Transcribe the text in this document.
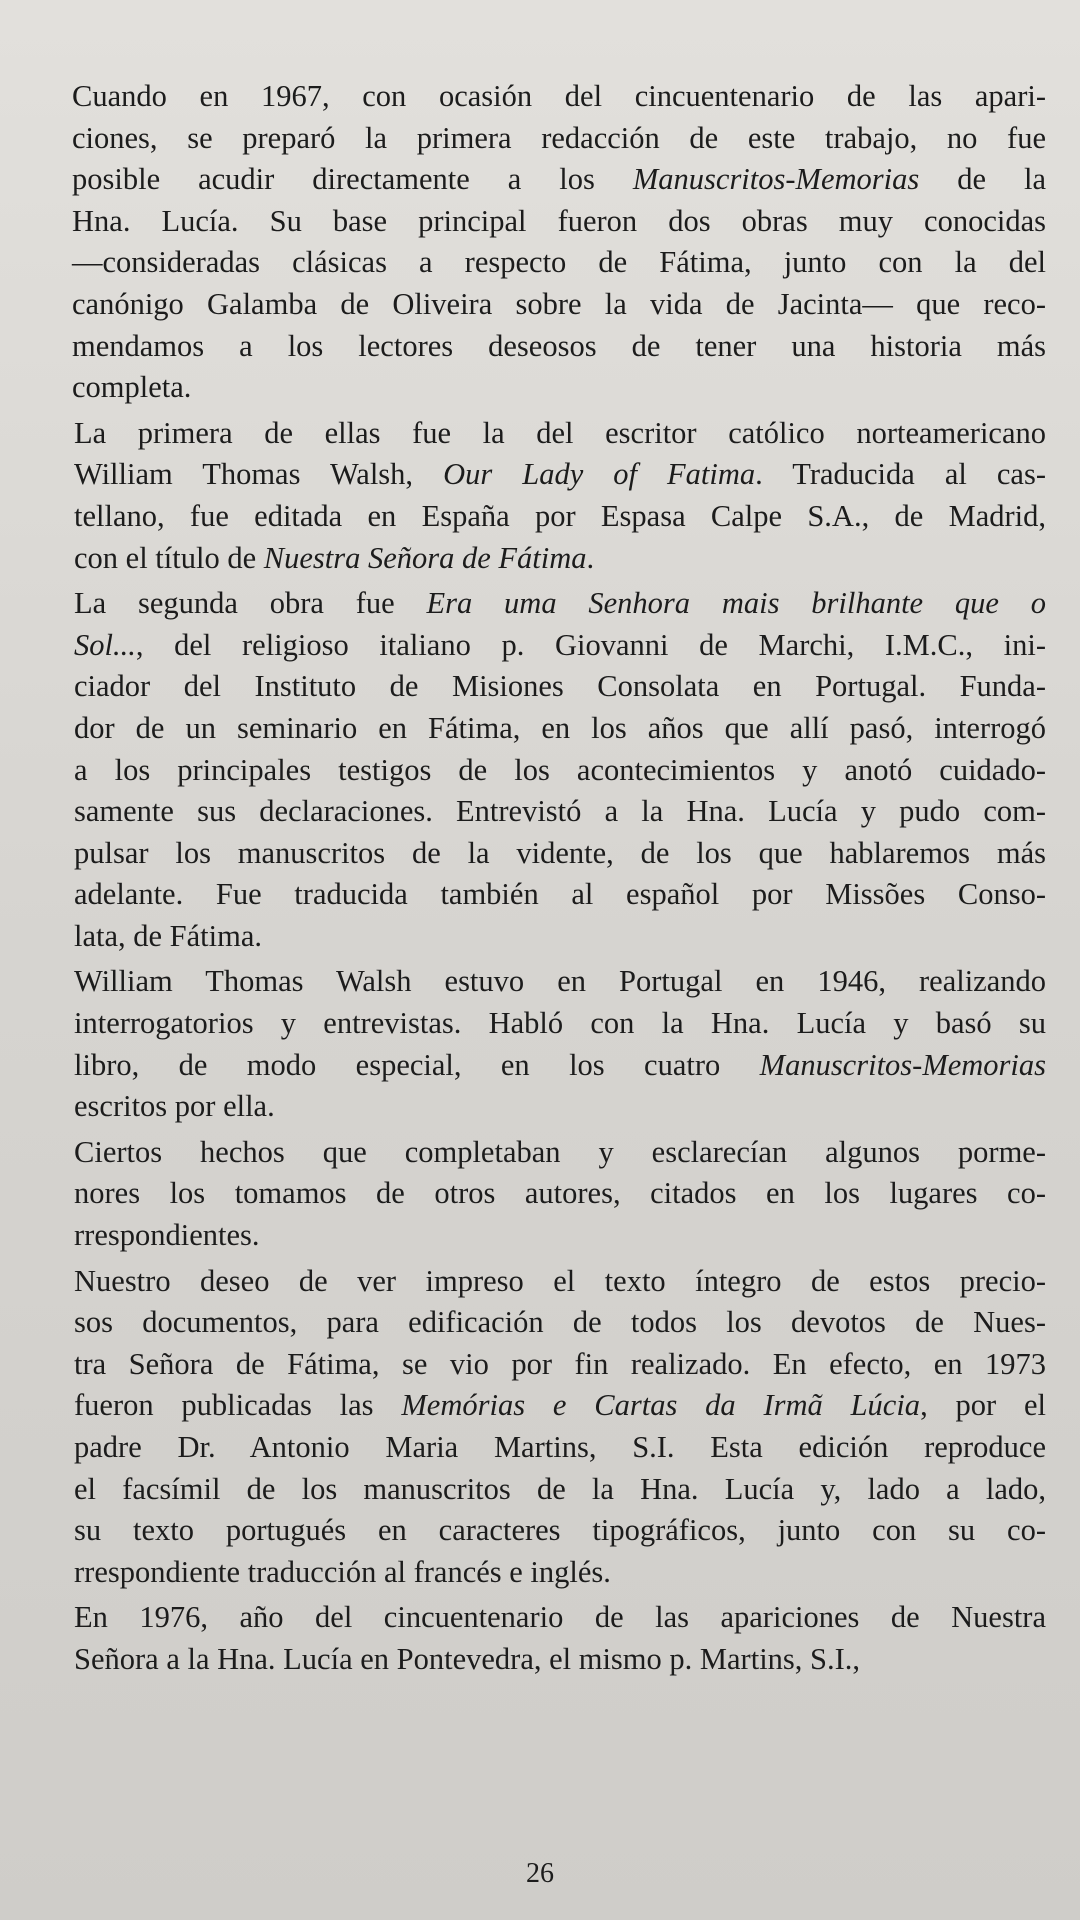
Cuando en 1967, con ocasión del cincuentenario de las apari-
ciones, se preparó la primera redacción de este trabajo, no fue
posible acudir directamente a los Manuscritos-Memorias de la
Hna. Lucía. Su base principal fueron dos obras muy conocidas
—consideradas clásicas a respecto de Fátima, junto con la del
canónigo Galamba de Oliveira sobre la vida de Jacinta— que reco-
mendamos a los lectores deseosos de tener una historia más
completa.

La primera de ellas fue la del escritor católico norteamericano
William Thomas Walsh, Our Lady of Fatima. Traducida al cas-
tellano, fue editada en España por Espasa Calpe S.A., de Madrid,
con el título de Nuestra Señora de Fátima.

La segunda obra fue Era uma Senhora mais brilhante que o
Sol..., del religioso italiano p. Giovanni de Marchi, I.M.C., ini-
ciador del Instituto de Misiones Consolata en Portugal. Funda-
dor de un seminario en Fátima, en los años que allí pasó, interrogó
a los principales testigos de los acontecimientos y anotó cuidado-
samente sus declaraciones. Entrevistó a la Hna. Lucía y pudo com-
pulsar los manuscritos de la vidente, de los que hablaremos más
adelante. Fue traducida también al español por Missões Conso-
lata, de Fátima.

William Thomas Walsh estuvo en Portugal en 1946, realizando
interrogatorios y entrevistas. Habló con la Hna. Lucía y basó su
libro, de modo especial, en los cuatro Manuscritos-Memorias
escritos por ella.

Ciertos hechos que completaban y esclarecían algunos porme-
nores los tomamos de otros autores, citados en los lugares co-
rrespondientes.

Nuestro deseo de ver impreso el texto íntegro de estos precio-
sos documentos, para edificación de todos los devotos de Nues-
tra Señora de Fátima, se vio por fin realizado. En efecto, en 1973
fueron publicadas las Memórias e Cartas da Irmã Lúcia, por el
padre Dr. Antonio Maria Martins, S.I. Esta edición reproduce
el facsímil de los manuscritos de la Hna. Lucía y, lado a lado,
su texto portugués en caracteres tipográficos, junto con su co-
rrespondiente traducción al francés e inglés.

En 1976, año del cincuentenario de las apariciones de Nuestra
Señora a la Hna. Lucía en Pontevedra, el mismo p. Martins, S.I.,

26
